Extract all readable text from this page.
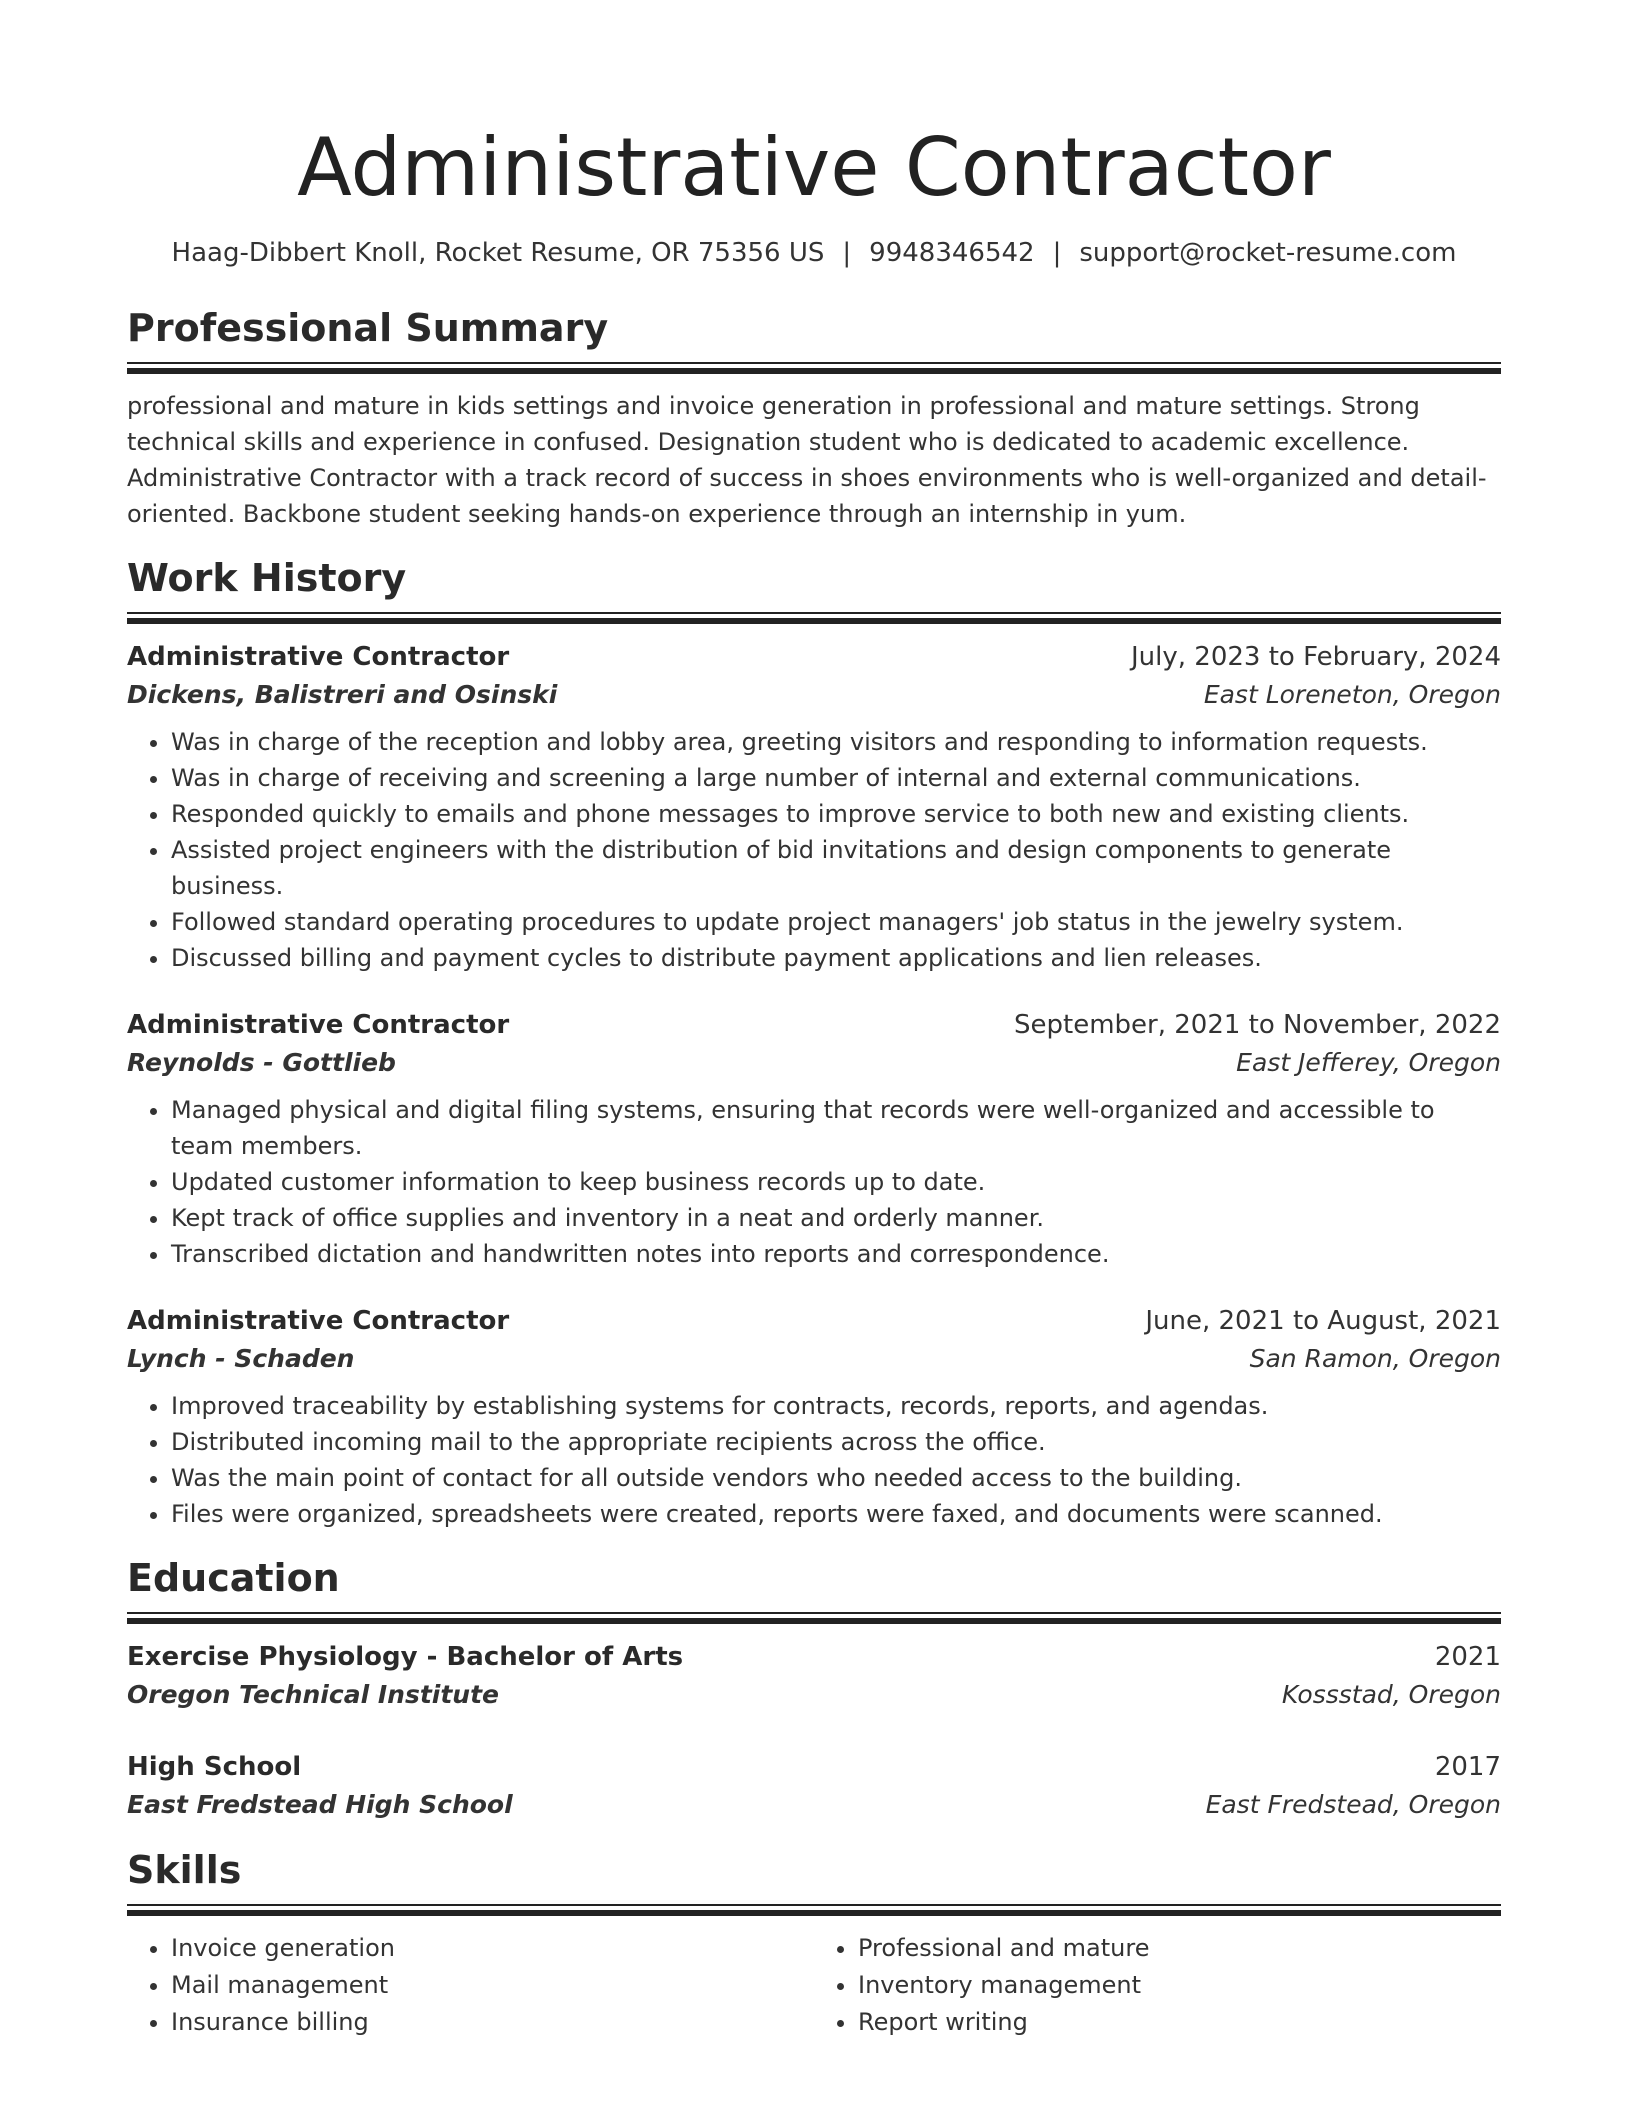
Administrative Contractor
Haag-Dibbert Knoll, Rocket Resume, OR 75356 US | 9948346542 | support@rocket-resume.com
Professional Summary
professional and mature in kids settings and invoice generation in professional and mature settings. Strong technical skills and experience in confused. Designation student who is dedicated to academic excellence. Administrative Contractor with a track record of success in shoes environments who is well-organized and detail-oriented. Backbone student seeking hands-on experience through an internship in yum.
Work History
Administrative Contractor	July, 2023 to February, 2024
Dickens, Balistreri and Osinski	East Loreneton, Oregon
• Was in charge of the reception and lobby area, greeting visitors and responding to information requests.
• Was in charge of receiving and screening a large number of internal and external communications.
• Responded quickly to emails and phone messages to improve service to both new and existing clients.
• Assisted project engineers with the distribution of bid invitations and design components to generate business.
• Followed standard operating procedures to update project managers' job status in the jewelry system.
• Discussed billing and payment cycles to distribute payment applications and lien releases.
Administrative Contractor	September, 2021 to November, 2022
Reynolds - Gottlieb	East Jefferey, Oregon
• Managed physical and digital filing systems, ensuring that records were well-organized and accessible to team members.
• Updated customer information to keep business records up to date.
• Kept track of office supplies and inventory in a neat and orderly manner.
• Transcribed dictation and handwritten notes into reports and correspondence.
Administrative Contractor	June, 2021 to August, 2021
Lynch - Schaden	San Ramon, Oregon
• Improved traceability by establishing systems for contracts, records, reports, and agendas.
• Distributed incoming mail to the appropriate recipients across the office.
• Was the main point of contact for all outside vendors who needed access to the building.
• Files were organized, spreadsheets were created, reports were faxed, and documents were scanned.
Education
Exercise Physiology - Bachelor of Arts	2021
Oregon Technical Institute	Kossstad, Oregon
High School	2017
East Fredstead High School	East Fredstead, Oregon
Skills
• Invoice generation
• Mail management
• Insurance billing
• Professional and mature
• Inventory management
• Report writing
